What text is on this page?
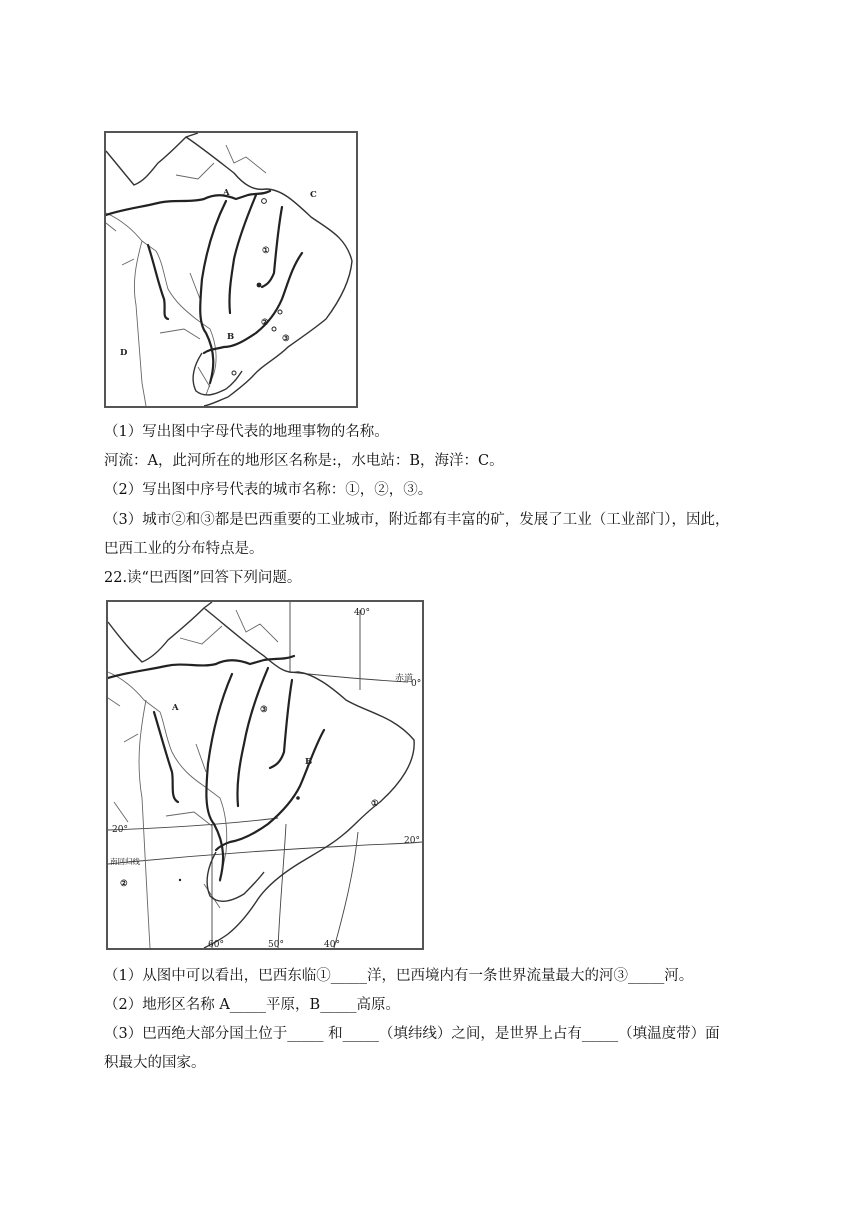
A	C
①
②
B	③
D
（1）写出图中字母代表的地理事物的名称。
河流：A，此河所在的地形区名称是:，水电站：B，海洋：C。
（2）写出图中序号代表的城市名称：①，②，③。
（3）城市②和③都是巴西重要的工业城市，附近都有丰富的矿，发展了工业（工业部门），因此，
巴西工业的分布特点是。
22.读“巴西图”回答下列问题。
40°
赤道
0°
A	③
B
①
20°
20°
南回归线
②
60°	50°	40°
（1）从图中可以看出，巴西东临①_____洋，巴西境内有一条世界流量最大的河③_____河。
（2）地形区名称 A_____平原，B_____高原。
（3）巴西绝大部分国土位于_____ 和_____（填纬线）之间，是世界上占有_____（填温度带）面
积最大的国家。
